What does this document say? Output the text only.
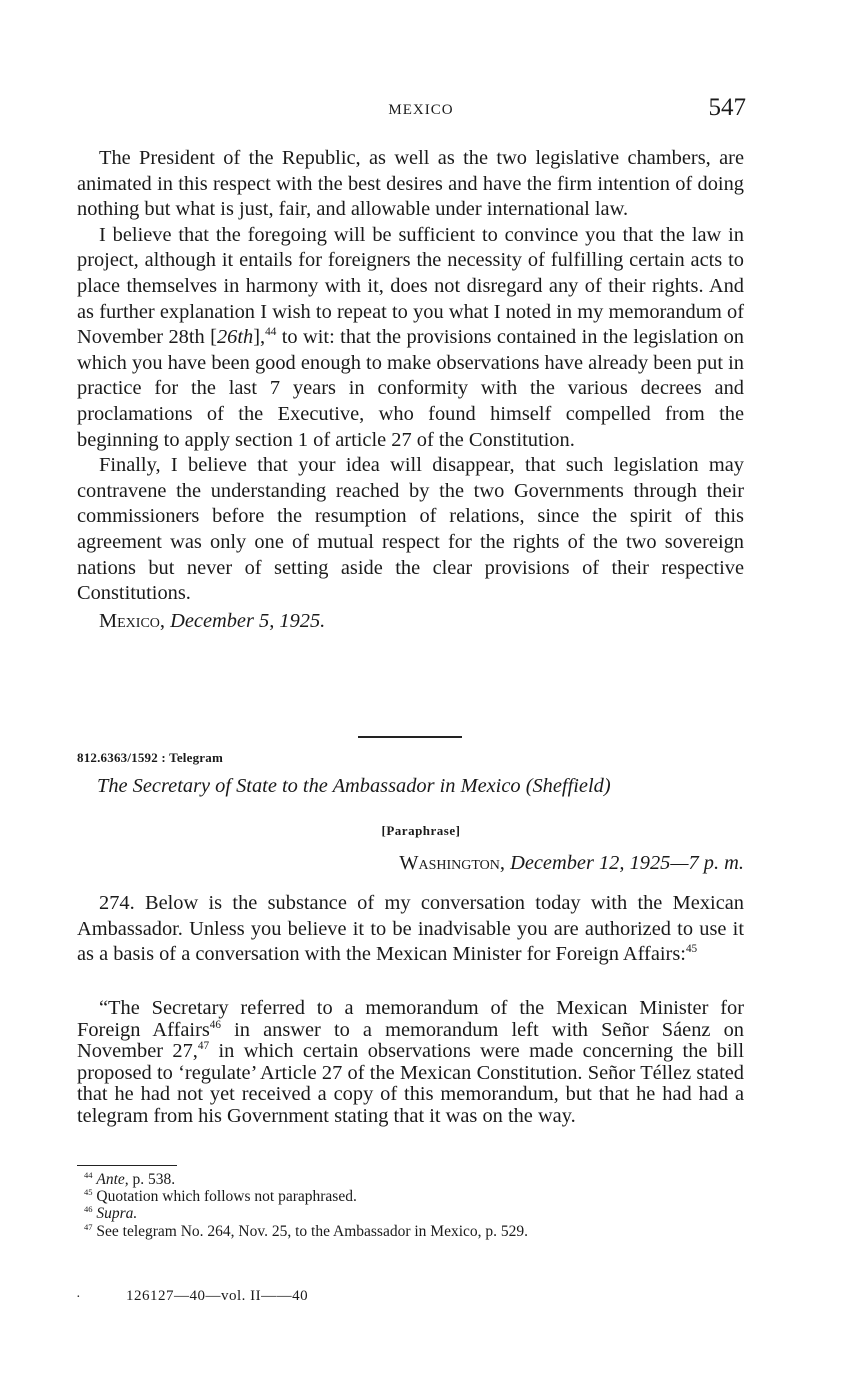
MEXICO	547

The President of the Republic, as well as the two legislative chambers, are animated in this respect with the best desires and have the firm intention of doing nothing but what is just, fair, and allowable under international law.

I believe that the foregoing will be sufficient to convince you that the law in project, although it entails for foreigners the necessity of fulfilling certain acts to place themselves in harmony with it, does not disregard any of their rights. And as further explanation I wish to repeat to you what I noted in my memorandum of November 28th [26th],$^{44}$ to wit: that the provisions contained in the legislation on which you have been good enough to make observations have already been put in practice for the last 7 years in conformity with the various decrees and proclamations of the Executive, who found himself compelled from the beginning to apply section 1 of article 27 of the Constitution.

Finally, I believe that your idea will disappear, that such legislation may contravene the understanding reached by the two Governments through their commissioners before the resumption of relations, since the spirit of this agreement was only one of mutual respect for the rights of the two sovereign nations but never of setting aside the clear provisions of their respective Constitutions.

Mexico, December 5, 1925.

812.6363/1592 : Telegram
The Secretary of State to the Ambassador in Mexico (Sheffield)
[Paraphrase]
Washington, December 12, 1925—7 p. m.

274. Below is the substance of my conversation today with the Mexican Ambassador. Unless you believe it to be inadvisable you are authorized to use it as a basis of a conversation with the Mexican Minister for Foreign Affairs:$^{45}$

“The Secretary referred to a memorandum of the Mexican Minister for Foreign Affairs$^{46}$ in answer to a memorandum left with Señor Sáenz on November 27,47 in which certain observations were made concerning the bill proposed to ‘regulate’ Article 27 of the Mexican Constitution. Señor Téllez stated that he had not yet received a copy of this memorandum, but that he had had a telegram from his Government stating that it was on the way.

$^{44}$ Ante, p. 538.

$^{45}$ Quotation which follows not paraphrased.

$^{46}$ Supra.

$^{47}$ See telegram No. 264, Nov. 25, to the Ambassador in Mexico, p. 529.

·	126127—40—vol. II——40
